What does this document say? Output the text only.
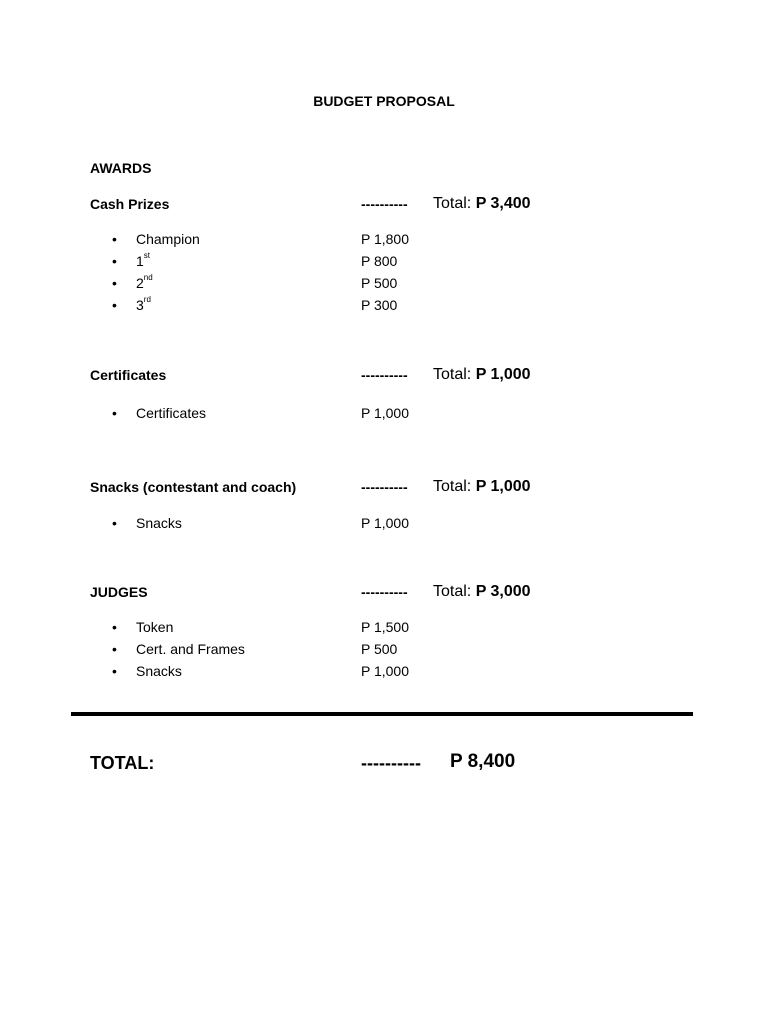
BUDGET PROPOSAL
AWARDS
Cash Prizes	---------- Total: P 3,400
• Champion	P 1,800
• 1st	P 800
• 2nd	P 500
• 3rd	P 300
Certificates	---------- Total: P 1,000
• Certificates	P 1,000
Snacks (contestant and coach)	---------- Total: P 1,000
• Snacks	P 1,000
JUDGES	---------- Total: P 3,000
• Token	P 1,500
• Cert. and Frames	P 500
• Snacks	P 1,000
TOTAL:	---------- P 8,400
